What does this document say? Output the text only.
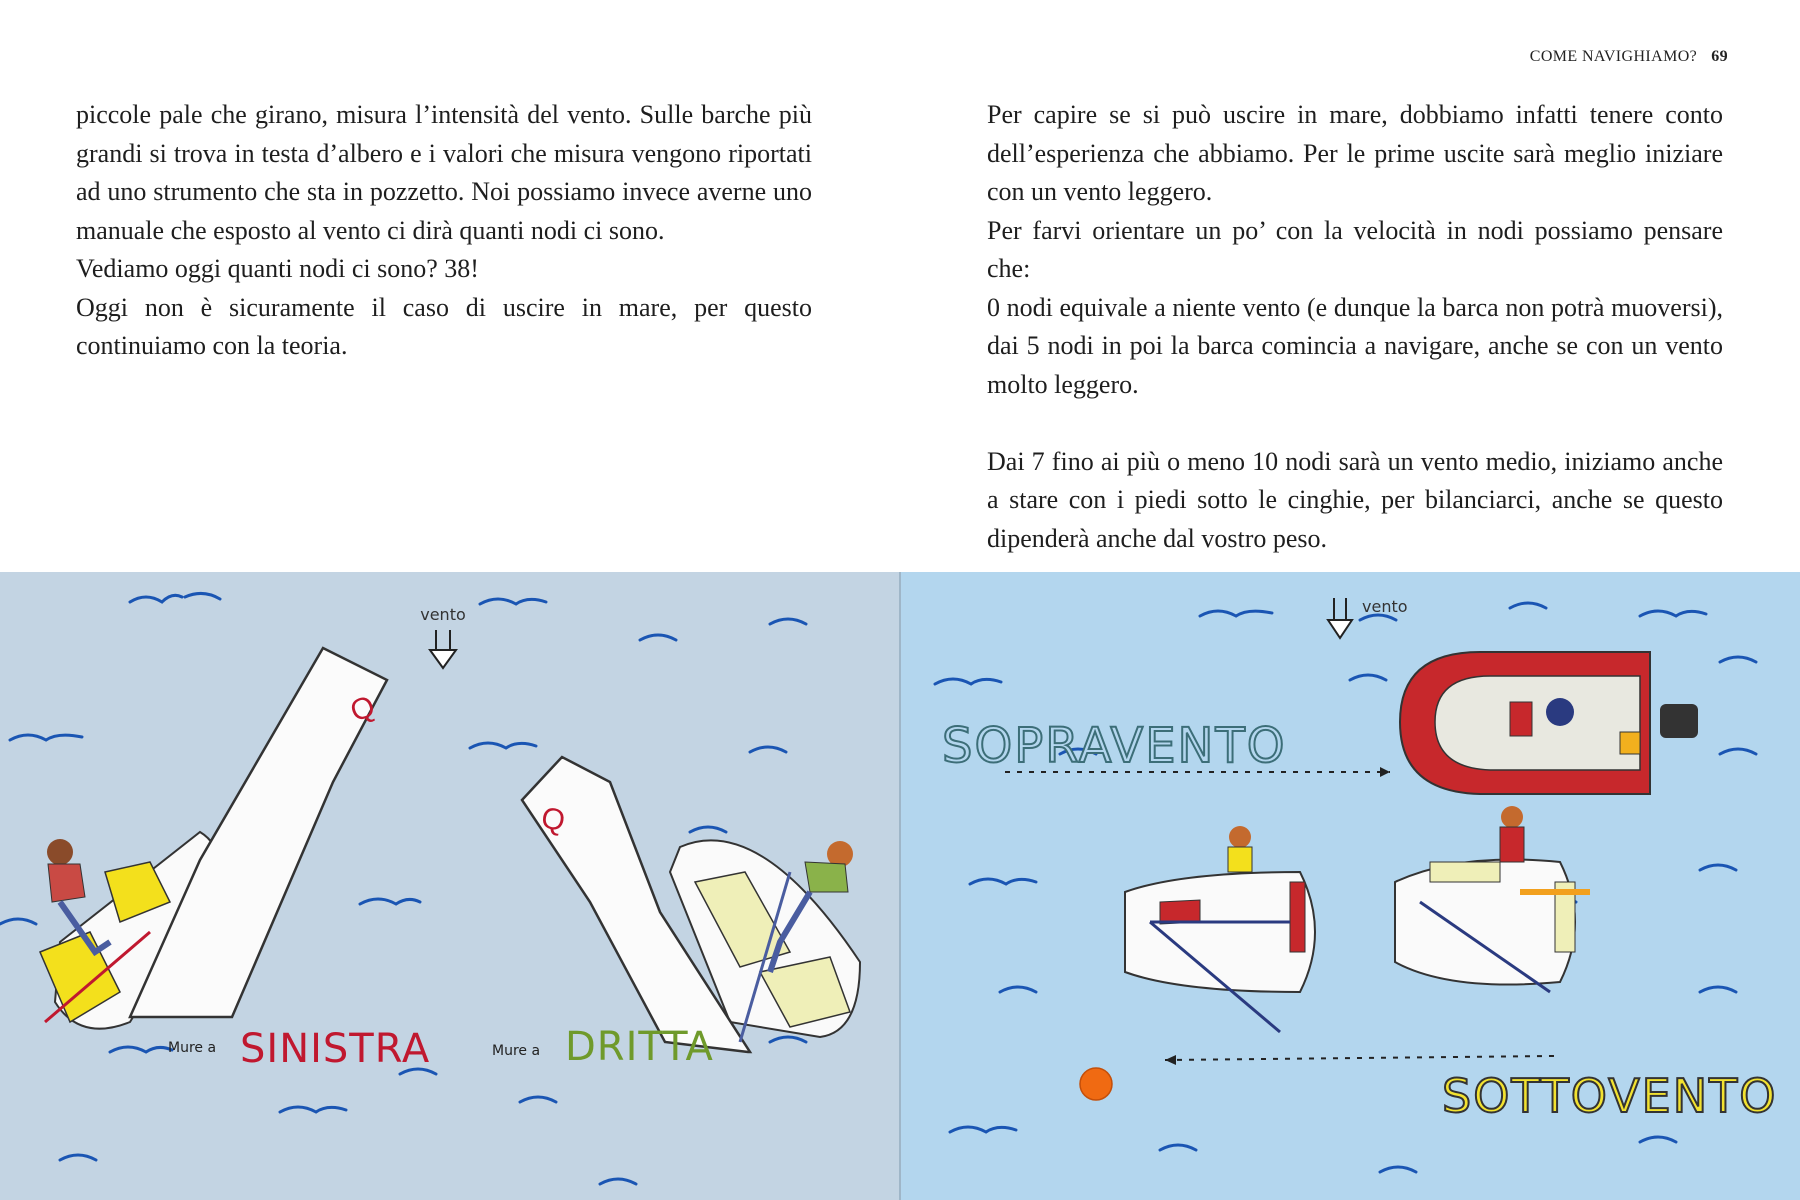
COME NAVIGHIAMO? 69

piccole pale che girano, misura l’intensità del vento. Sulle barche più grandi si trova in testa d’albero e i valori che misura vengono riportati ad uno strumento che sta in pozzetto. Noi possiamo invece averne uno manuale che esposto al vento ci dirà quanti nodi ci sono.

Vediamo oggi quanti nodi ci sono? 38!

Oggi non è sicuramente il caso di uscire in mare, per questo continuiamo con la teoria.

Per capire se si può uscire in mare, dobbiamo infatti tenere conto dell’esperienza che abbiamo. Per le prime uscite sarà meglio iniziare con un vento leggero.

Per farvi orientare un po’ con la velocità in nodi possiamo pensare che:

0 nodi equivale a niente vento (e dunque la barca non potrà muoversi), dai 5 nodi in poi la barca comincia a navigare, anche se con un vento molto leggero.

Dai 7 fino ai più o meno 10 nodi sarà un vento medio, iniziamo anche a stare con i piedi sotto le cinghie, per bilanciarci, anche se questo dipenderà anche dal vostro peso.

vento
Q
Q
Mure a SINISTRA	Mure a DRITTA
vento
SOPRAVENTO
SOTTOVENTO
